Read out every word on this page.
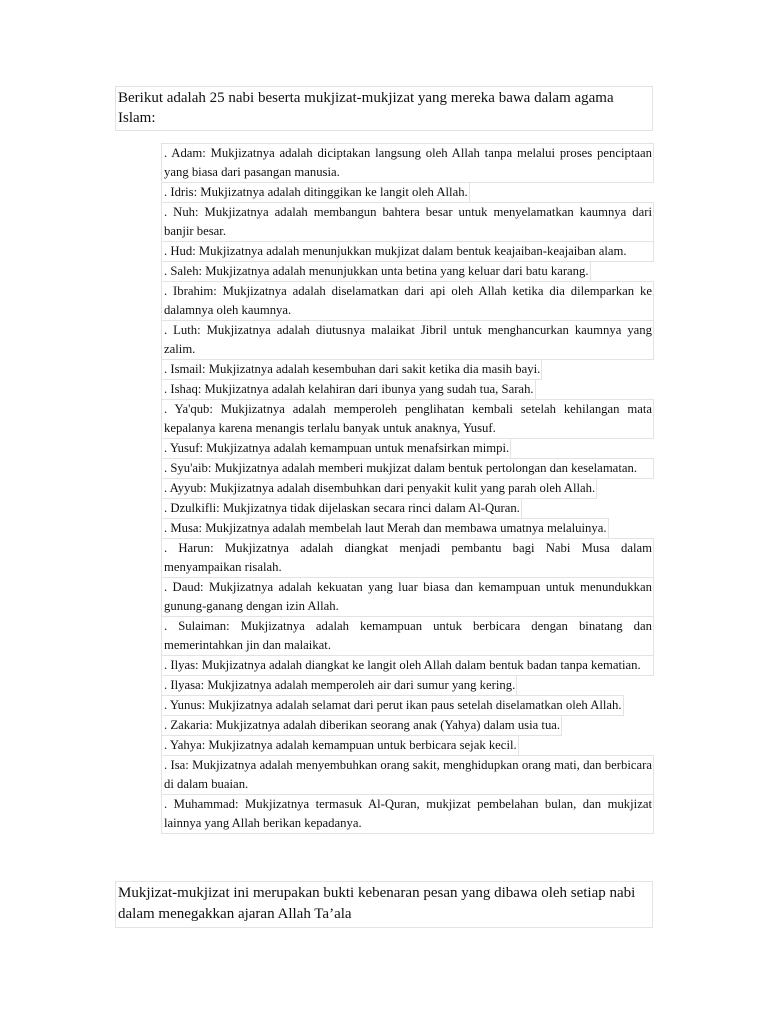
Berikut adalah 25 nabi beserta mukjizat-mukjizat yang mereka bawa dalam agama Islam:
. Adam: Mukjizatnya adalah diciptakan langsung oleh Allah tanpa melalui proses penciptaan yang biasa dari pasangan manusia.
. Idris: Mukjizatnya adalah ditinggikan ke langit oleh Allah.
. Nuh: Mukjizatnya adalah membangun bahtera besar untuk menyelamatkan kaumnya dari banjir besar.
. Hud: Mukjizatnya adalah menunjukkan mukjizat dalam bentuk keajaiban-keajaiban alam.
. Saleh: Mukjizatnya adalah menunjukkan unta betina yang keluar dari batu karang.
. Ibrahim: Mukjizatnya adalah diselamatkan dari api oleh Allah ketika dia dilemparkan ke dalamnya oleh kaumnya.
. Luth: Mukjizatnya adalah diutusnya malaikat Jibril untuk menghancurkan kaumnya yang zalim.
. Ismail: Mukjizatnya adalah kesembuhan dari sakit ketika dia masih bayi.
. Ishaq: Mukjizatnya adalah kelahiran dari ibunya yang sudah tua, Sarah.
. Ya'qub: Mukjizatnya adalah memperoleh penglihatan kembali setelah kehilangan mata kepalanya karena menangis terlalu banyak untuk anaknya, Yusuf.
. Yusuf: Mukjizatnya adalah kemampuan untuk menafsirkan mimpi.
. Syu'aib: Mukjizatnya adalah memberi mukjizat dalam bentuk pertolongan dan keselamatan.
. Ayyub: Mukjizatnya adalah disembuhkan dari penyakit kulit yang parah oleh Allah.
. Dzulkifli: Mukjizatnya tidak dijelaskan secara rinci dalam Al-Quran.
. Musa: Mukjizatnya adalah membelah laut Merah dan membawa umatnya melaluinya.
. Harun: Mukjizatnya adalah diangkat menjadi pembantu bagi Nabi Musa dalam menyampaikan risalah.
. Daud: Mukjizatnya adalah kekuatan yang luar biasa dan kemampuan untuk menundukkan gunung-ganang dengan izin Allah.
. Sulaiman: Mukjizatnya adalah kemampuan untuk berbicara dengan binatang dan memerintahkan jin dan malaikat.
. Ilyas: Mukjizatnya adalah diangkat ke langit oleh Allah dalam bentuk badan tanpa kematian.
. Ilyasa: Mukjizatnya adalah memperoleh air dari sumur yang kering.
. Yunus: Mukjizatnya adalah selamat dari perut ikan paus setelah diselamatkan oleh Allah.
. Zakaria: Mukjizatnya adalah diberikan seorang anak (Yahya) dalam usia tua.
. Yahya: Mukjizatnya adalah kemampuan untuk berbicara sejak kecil.
. Isa: Mukjizatnya adalah menyembuhkan orang sakit, menghidupkan orang mati, dan berbicara di dalam buaian.
. Muhammad: Mukjizatnya termasuk Al-Quran, mukjizat pembelahan bulan, dan mukjizat lainnya yang Allah berikan kepadanya.
Mukjizat-mukjizat ini merupakan bukti kebenaran pesan yang dibawa oleh setiap nabi dalam menegakkan ajaran Allah Ta’ala
